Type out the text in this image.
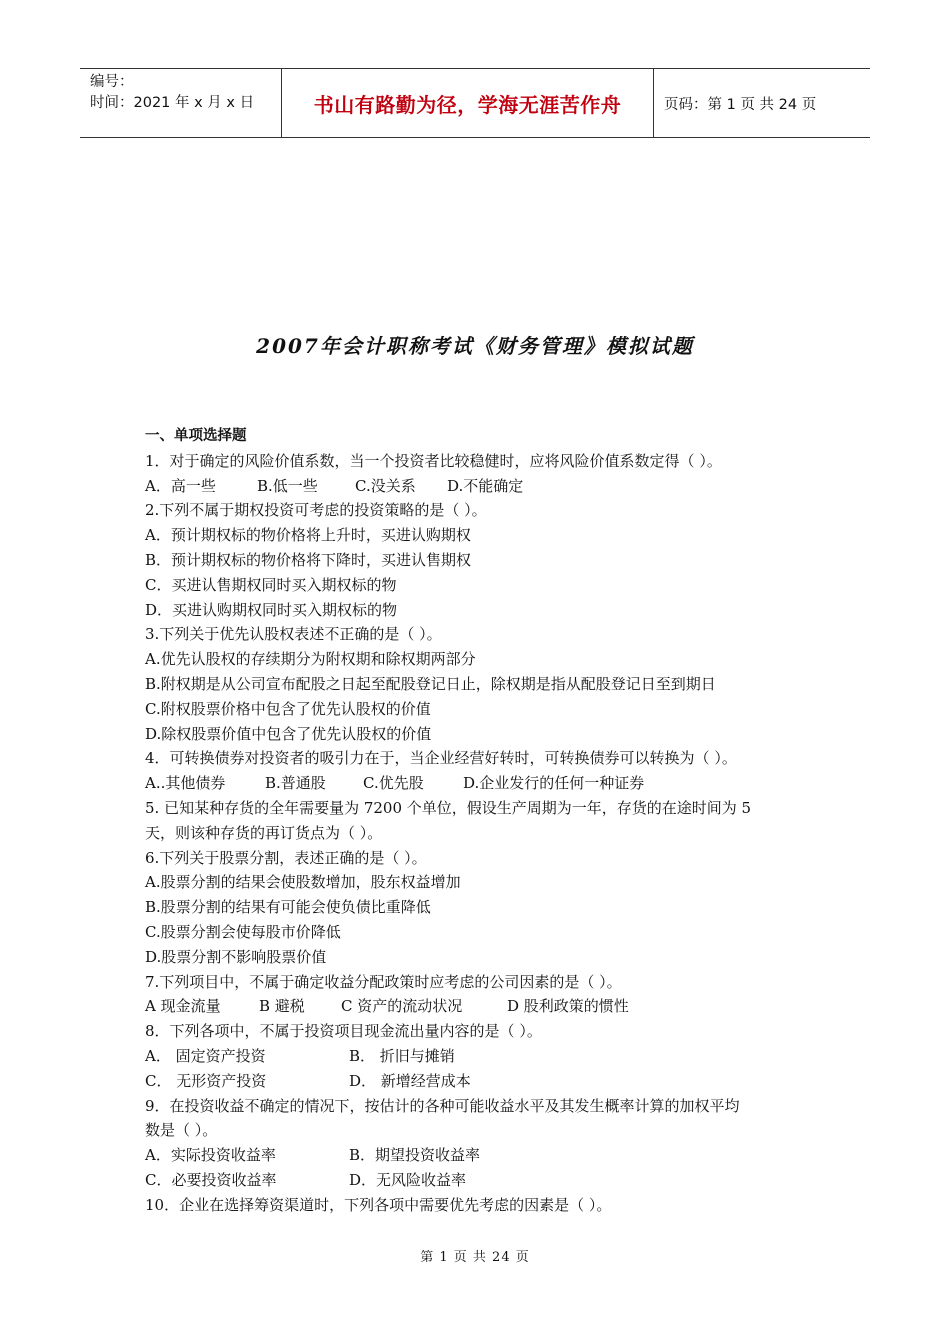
编号：
时间：2021 年 x 月 x 日	书山有路勤为径，学海无涯苦作舟	页码：第 1 页 共 24 页
2007年会计职称考试《财务管理》模拟试题
一、单项选择题
1．对于确定的风险价值系数，当一个投资者比较稳健时，应将风险价值系数定得（ ）。
A．高一些	B.低一些	C.没关系	D.不能确定
2.下列不属于期权投资可考虑的投资策略的是（ ）。
A．预计期权标的物价格将上升时，买进认购期权
B．预计期权标的物价格将下降时，买进认售期权
C．买进认售期权同时买入期权标的物
D．买进认购期权同时买入期权标的物
3.下列关于优先认股权表述不正确的是（ ）。
A.优先认股权的存续期分为附权期和除权期两部分
B.附权期是从公司宣布配股之日起至配股登记日止，除权期是指从配股登记日至到期日
C.附权股票价格中包含了优先认股权的价值
D.除权股票价值中包含了优先认股权的价值
4．可转换债券对投资者的吸引力在于，当企业经营好转时，可转换债券可以转换为（ ）。
A..其他债券	B.普通股	C.优先股	D.企业发行的任何一种证券
5. 已知某种存货的全年需要量为 7200 个单位，假设生产周期为一年，存货的在途时间为 5
天，则该种存货的再订货点为（ ）。
6.下列关于股票分割，表述正确的是（ ）。
A.股票分割的结果会使股数增加，股东权益增加
B.股票分割的结果有可能会使负债比重降低
C.股票分割会使每股市价降低
D.股票分割不影响股票价值
7.下列项目中，不属于确定收益分配政策时应考虑的公司因素的是（ ）。
A 现金流量	B 避税	C 资产的流动状况	D 股利政策的惯性
8．下列各项中，不属于投资项目现金流出量内容的是（ ）。
A． 固定资产投资	B． 折旧与摊销
C． 无形资产投资	D． 新增经营成本
9．在投资收益不确定的情况下，按估计的各种可能收益水平及其发生概率计算的加权平均
数是（ ）。
A．实际投资收益率	B．期望投资收益率
C．必要投资收益率	D．无风险收益率
10．企业在选择筹资渠道时，下列各项中需要优先考虑的因素是（ ）。
第 1 页 共 24 页
